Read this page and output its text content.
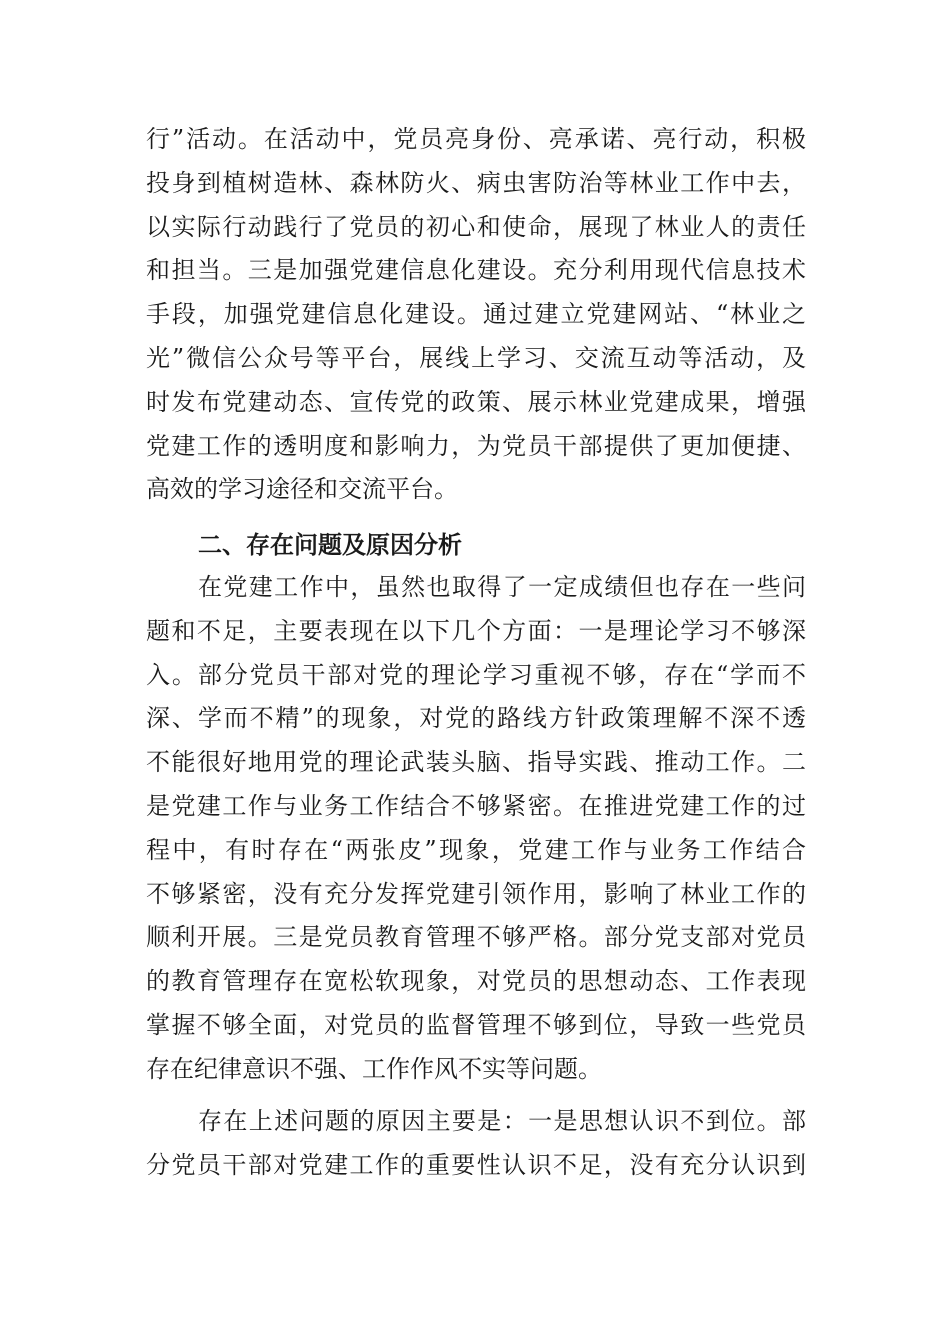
行”活动。在活动中，党员亮身份、亮承诺、亮行动，积极
投身到植树造林、森林防火、病虫害防治等林业工作中去，
以实际行动践行了党员的初心和使命，展现了林业人的责任
和担当。三是加强党建信息化建设。充分利用现代信息技术
手段，加强党建信息化建设。通过建立党建网站、“林业之
光”微信公众号等平台，展线上学习、交流互动等活动，及
时发布党建动态、宣传党的政策、展示林业党建成果，增强
党建工作的透明度和影响力，为党员干部提供了更加便捷、
高效的学习途径和交流平台。
二、存在问题及原因分析
在党建工作中，虽然也取得了一定成绩但也存在一些问
题和不足，主要表现在以下几个方面：一是理论学习不够深
入。部分党员干部对党的理论学习重视不够，存在“学而不
深、学而不精”的现象，对党的路线方针政策理解不深不透
不能很好地用党的理论武装头脑、指导实践、推动工作。二
是党建工作与业务工作结合不够紧密。在推进党建工作的过
程中，有时存在“两张皮”现象，党建工作与业务工作结合
不够紧密，没有充分发挥党建引领作用，影响了林业工作的
顺利开展。三是党员教育管理不够严格。部分党支部对党员
的教育管理存在宽松软现象，对党员的思想动态、工作表现
掌握不够全面，对党员的监督管理不够到位，导致一些党员
存在纪律意识不强、工作作风不实等问题。
存在上述问题的原因主要是：一是思想认识不到位。部
分党员干部对党建工作的重要性认识不足，没有充分认识到
